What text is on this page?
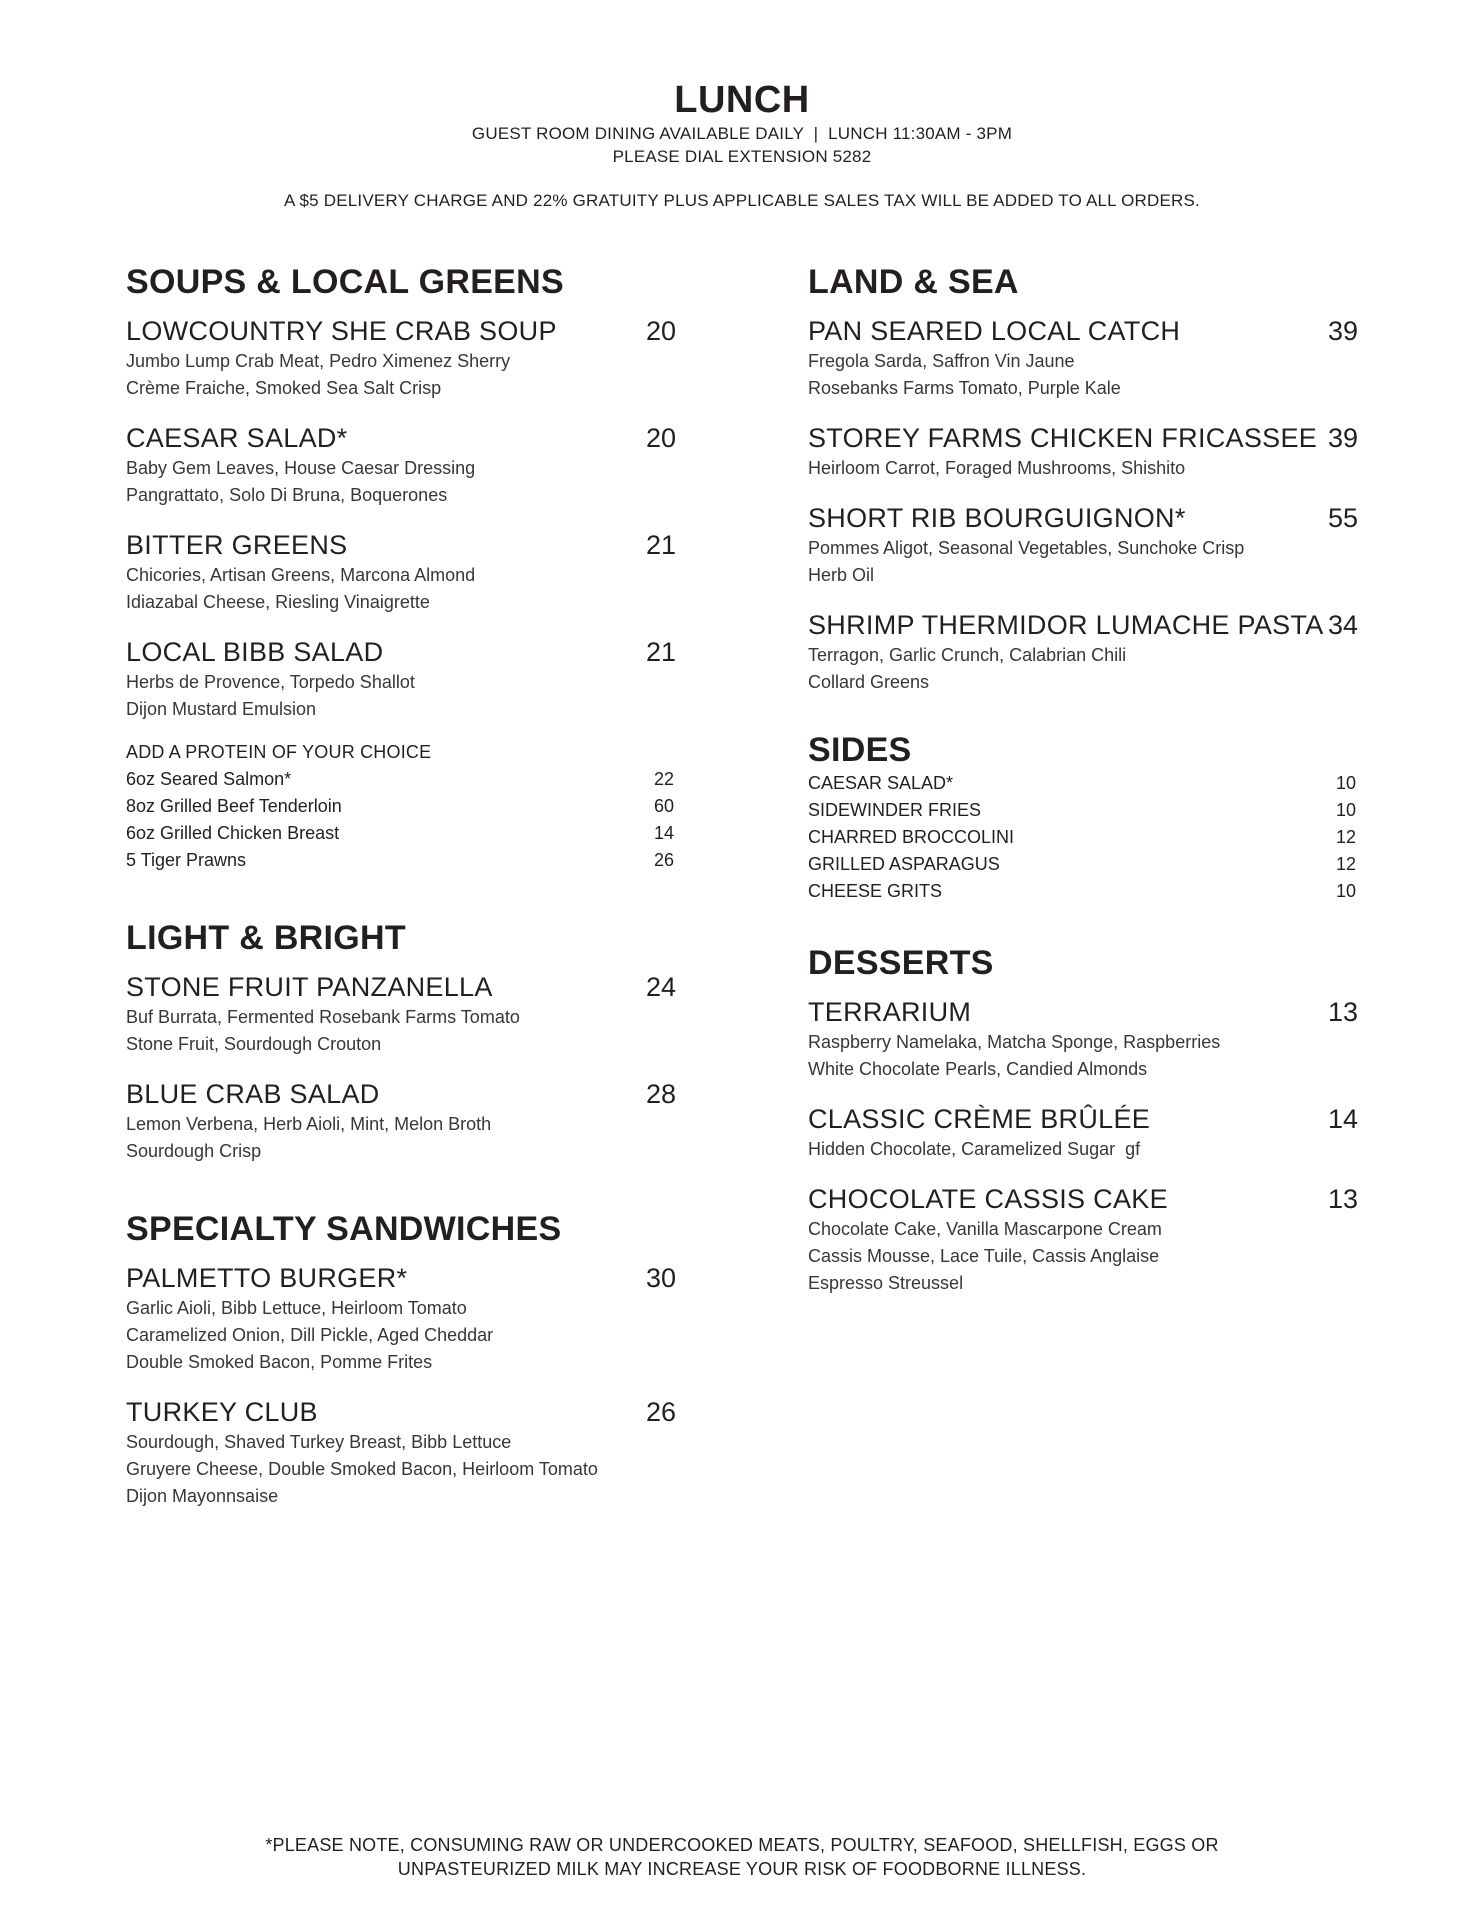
LUNCH
GUEST ROOM DINING AVAILABLE DAILY  |  LUNCH 11:30AM - 3PM
PLEASE DIAL EXTENSION 5282
A $5 DELIVERY CHARGE AND 22% GRATUITY PLUS APPLICABLE SALES TAX WILL BE ADDED TO ALL ORDERS.
SOUPS & LOCAL GREENS
LOWCOUNTRY SHE CRAB SOUP	20
Jumbo Lump Crab Meat, Pedro Ximenez Sherry
Crème Fraiche, Smoked Sea Salt Crisp
CAESAR SALAD*	20
Baby Gem Leaves, House Caesar Dressing
Pangrattato, Solo Di Bruna, Boquerones
BITTER GREENS	21
Chicories, Artisan Greens, Marcona Almond
Idiazabal Cheese, Riesling Vinaigrette
LOCAL BIBB SALAD	21
Herbs de Provence, Torpedo Shallot
Dijon Mustard Emulsion
ADD A PROTEIN OF YOUR CHOICE
6oz Seared Salmon*	22
8oz Grilled Beef Tenderloin	60
6oz Grilled Chicken Breast	14
5 Tiger Prawns	26
LIGHT & BRIGHT
STONE FRUIT PANZANELLA	24
Buf Burrata, Fermented Rosebank Farms Tomato
Stone Fruit, Sourdough Crouton
BLUE CRAB SALAD	28
Lemon Verbena, Herb Aioli, Mint, Melon Broth
Sourdough Crisp
SPECIALTY SANDWICHES
PALMETTO BURGER*	30
Garlic Aioli, Bibb Lettuce, Heirloom Tomato
Caramelized Onion, Dill Pickle, Aged Cheddar
Double Smoked Bacon, Pomme Frites
TURKEY CLUB	26
Sourdough, Shaved Turkey Breast, Bibb Lettuce
Gruyere Cheese, Double Smoked Bacon, Heirloom Tomato
Dijon Mayonnsaise
LAND & SEA
PAN SEARED LOCAL CATCH	39
Fregola Sarda, Saffron Vin Jaune
Rosebanks Farms Tomato, Purple Kale
STOREY FARMS CHICKEN FRICASSEE 39
Heirloom Carrot, Foraged Mushrooms, Shishito
SHORT RIB BOURGUIGNON*	55
Pommes Aligot, Seasonal Vegetables, Sunchoke Crisp
Herb Oil
SHRIMP THERMIDOR LUMACHE PASTA 34
Terragon, Garlic Crunch, Calabrian Chili
Collard Greens
SIDES
CAESAR SALAD*	10
SIDEWINDER FRIES	10
CHARRED BROCCOLINI	12
GRILLED ASPARAGUS	12
CHEESE GRITS	10
DESSERTS
TERRARIUM	13
Raspberry Namelaka, Matcha Sponge, Raspberries
White Chocolate Pearls, Candied Almonds
CLASSIC CRÈME BRÛLÉE	14
Hidden Chocolate, Caramelized Sugar  gf
CHOCOLATE CASSIS CAKE	13
Chocolate Cake, Vanilla Mascarpone Cream
Cassis Mousse, Lace Tuile, Cassis Anglaise
Espresso Streussel
*PLEASE NOTE, CONSUMING RAW OR UNDERCOOKED MEATS, POULTRY, SEAFOOD, SHELLFISH, EGGS OR
UNPASTEURIZED MILK MAY INCREASE YOUR RISK OF FOODBORNE ILLNESS.
